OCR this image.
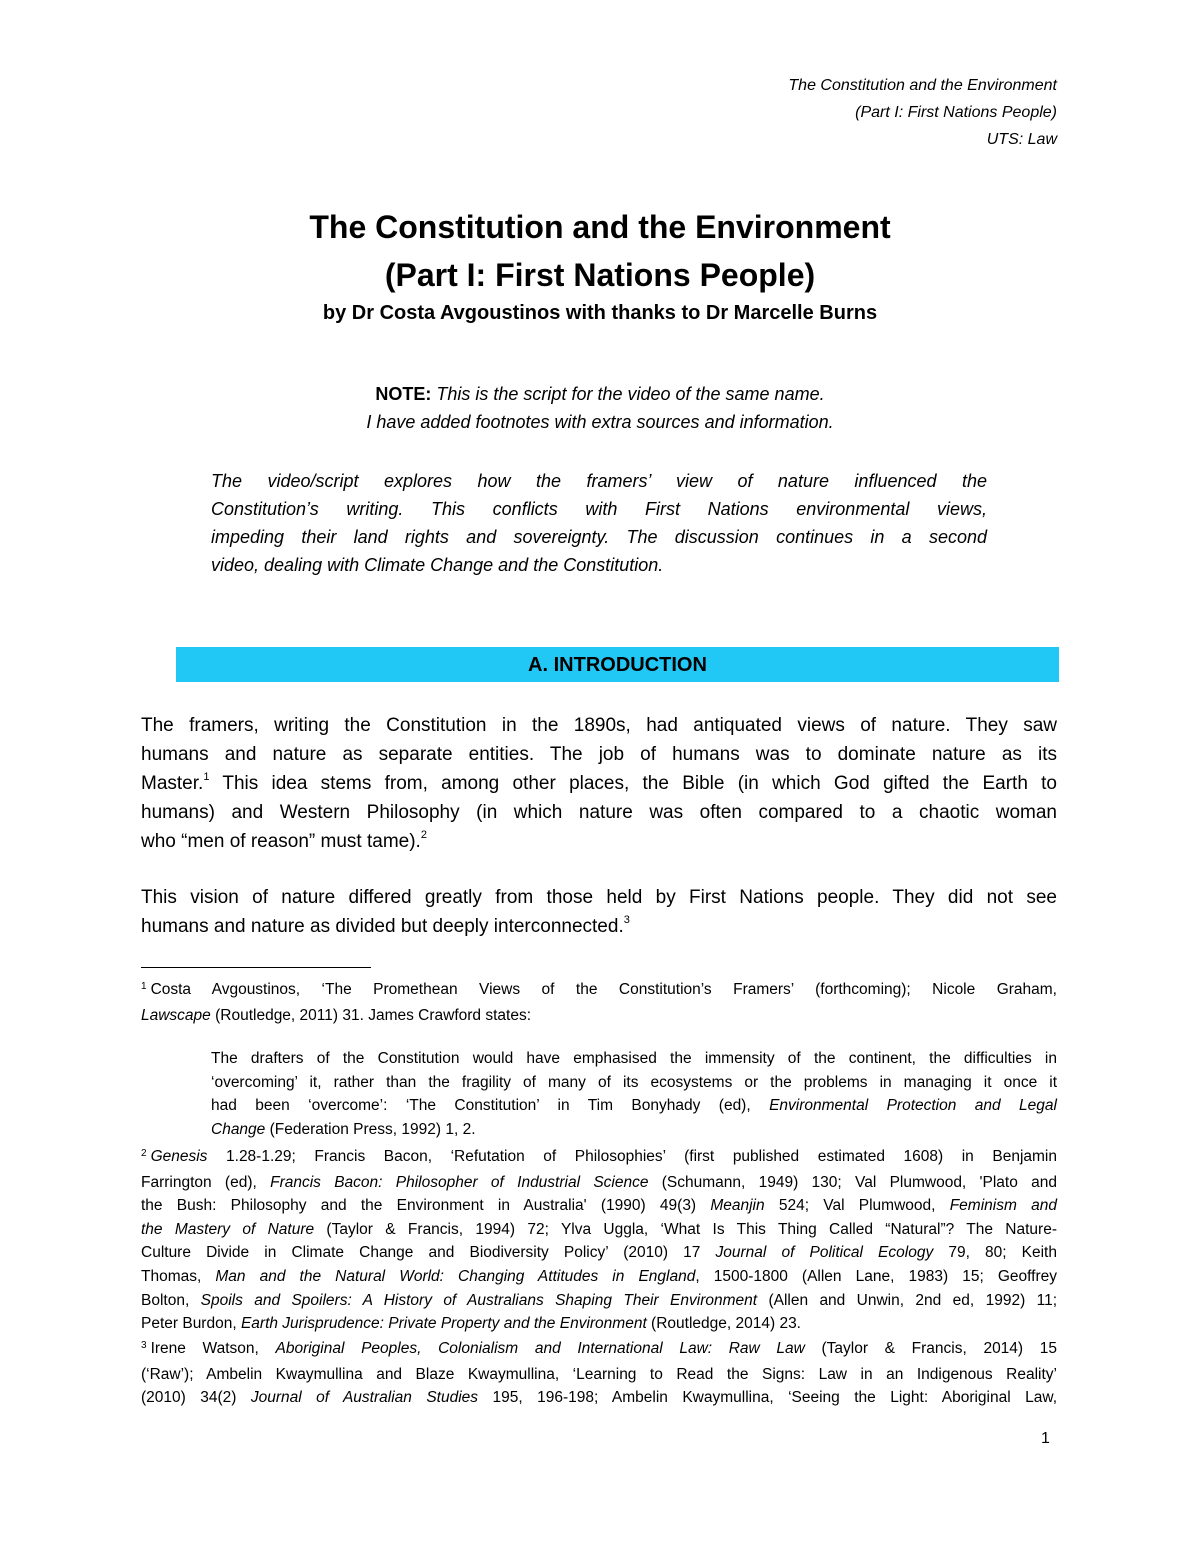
The Constitution and the Environment
(Part I: First Nations People)
UTS: Law
The Constitution and the Environment
(Part I: First Nations People)
by Dr Costa Avgoustinos with thanks to Dr Marcelle Burns
NOTE: This is the script for the video of the same name.
I have added footnotes with extra sources and information.
The video/script explores how the framers’ view of nature influenced the
Constitution’s writing. This conflicts with First Nations environmental views,
impeding their land rights and sovereignty. The discussion continues in a second
video, dealing with Climate Change and the Constitution.
A. INTRODUCTION
The framers, writing the Constitution in the 1890s, had antiquated views of nature. They saw
humans and nature as separate entities. The job of humans was to dominate nature as its
Master.$^1$ This idea stems from, among other places, the Bible (in which God gifted the Earth to
humans) and Western Philosophy (in which nature was often compared to a chaotic woman
who “men of reason” must tame).$^2$
This vision of nature differed greatly from those held by First Nations people. They did not see
humans and nature as divided but deeply interconnected.$^3$
$^1$ Costa Avgoustinos, ‘The Promethean Views of the Constitution’s Framers’ (forthcoming); Nicole Graham,
Lawscape (Routledge, 2011) 31. James Crawford states:
The drafters of the Constitution would have emphasised the immensity of the continent, the difficulties in
‘overcoming’ it, rather than the fragility of many of its ecosystems or the problems in managing it once it
had been ‘overcome’: ‘The Constitution’ in Tim Bonyhady (ed), Environmental Protection and Legal
Change (Federation Press, 1992) 1, 2.
$^2$ Genesis 1.28-1.29; Francis Bacon, ‘Refutation of Philosophies’ (first published estimated 1608) in Benjamin
Farrington (ed), Francis Bacon: Philosopher of Industrial Science (Schumann, 1949) 130; Val Plumwood, 'Plato and
the Bush: Philosophy and the Environment in Australia' (1990) 49(3) Meanjin 524; Val Plumwood, Feminism and
the Mastery of Nature (Taylor & Francis, 1994) 72; Ylva Uggla, ‘What Is This Thing Called “Natural”? The Nature-
Culture Divide in Climate Change and Biodiversity Policy’ (2010) 17 Journal of Political Ecology 79, 80; Keith
Thomas, Man and the Natural World: Changing Attitudes in England, 1500-1800 (Allen Lane, 1983) 15; Geoffrey
Bolton, Spoils and Spoilers: A History of Australians Shaping Their Environment (Allen and Unwin, 2nd ed, 1992) 11;
Peter Burdon, Earth Jurisprudence: Private Property and the Environment (Routledge, 2014) 23.
$^3$ Irene Watson, Aboriginal Peoples, Colonialism and International Law: Raw Law (Taylor & Francis, 2014) 15
(‘Raw’); Ambelin Kwaymullina and Blaze Kwaymullina, ‘Learning to Read the Signs: Law in an Indigenous Reality’
(2010) 34(2) Journal of Australian Studies 195, 196-198; Ambelin Kwaymullina, ‘Seeing the Light: Aboriginal Law,
1
